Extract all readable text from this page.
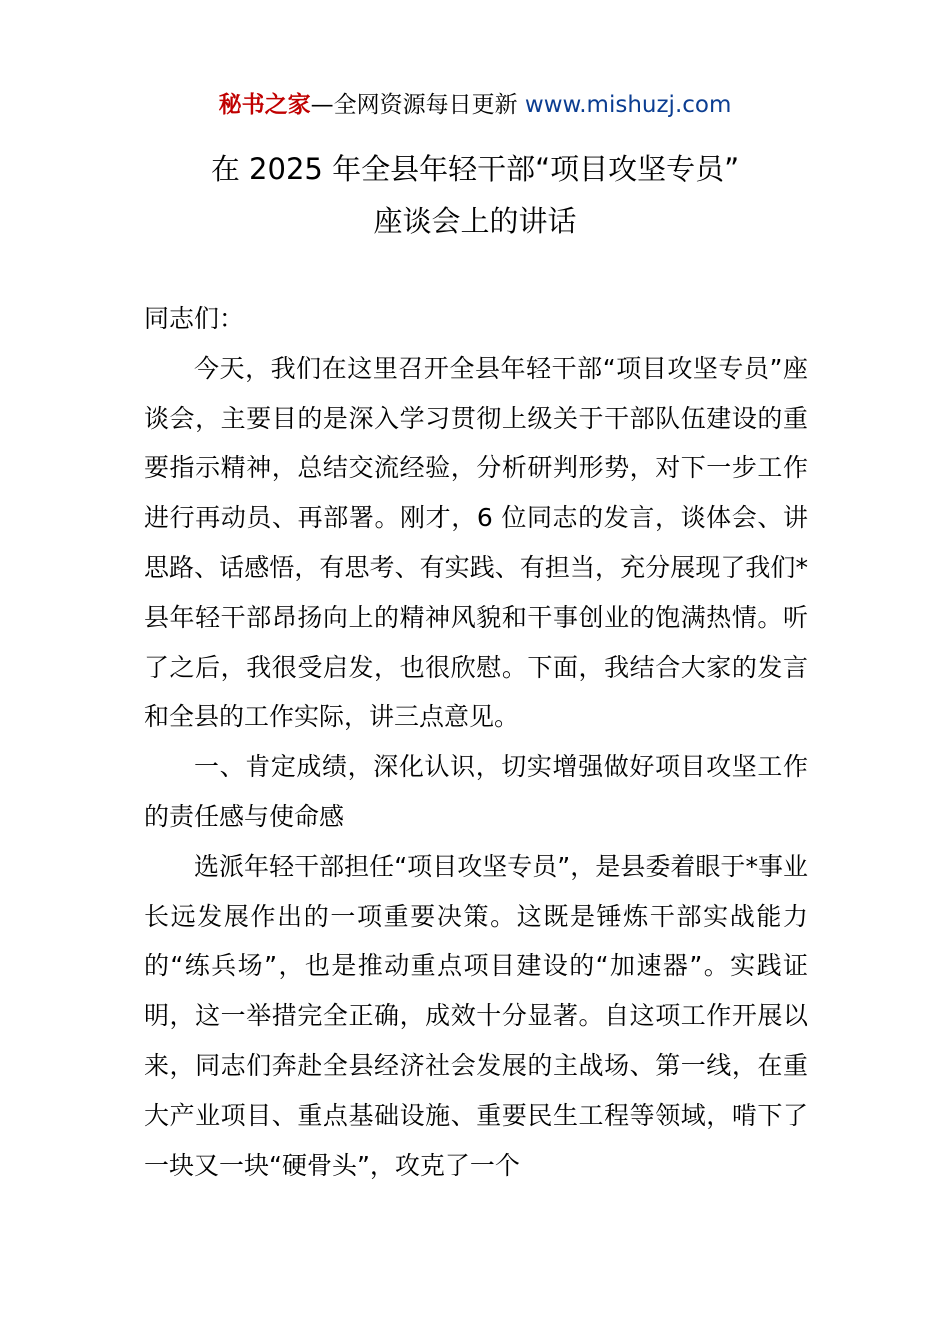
秘书之家—全网资源每日更新 www.mishuzj.com
在 2025 年全县年轻干部“项目攻坚专员”
座谈会上的讲话

同志们：

今天，我们在这里召开全县年轻干部“项目攻坚专员”座谈会，主要目的是深入学习贯彻上级关于干部队伍建设的重要指示精神，总结交流经验，分析研判形势，对下一步工作进行再动员、再部署。刚才，6 位同志的发言，谈体会、讲思路、话感悟，有思考、有实践、有担当，充分展现了我们*县年轻干部昂扬向上的精神风貌和干事创业的饱满热情。听了之后，我很受启发，也很欣慰。下面，我结合大家的发言和全县的工作实际，讲三点意见。

一、肯定成绩，深化认识，切实增强做好项目攻坚工作的责任感与使命感

选派年轻干部担任“项目攻坚专员”，是县委着眼于*事业长远发展作出的一项重要决策。这既是锤炼干部实战能力的“练兵场”，也是推动重点项目建设的“加速器”。实践证明，这一举措完全正确，成效十分显著。自这项工作开展以来，同志们奔赴全县经济社会发展的主战场、第一线，在重大产业项目、重点基础设施、重要民生工程等领域，啃下了一块又一块“硬骨头”，攻克了一个
